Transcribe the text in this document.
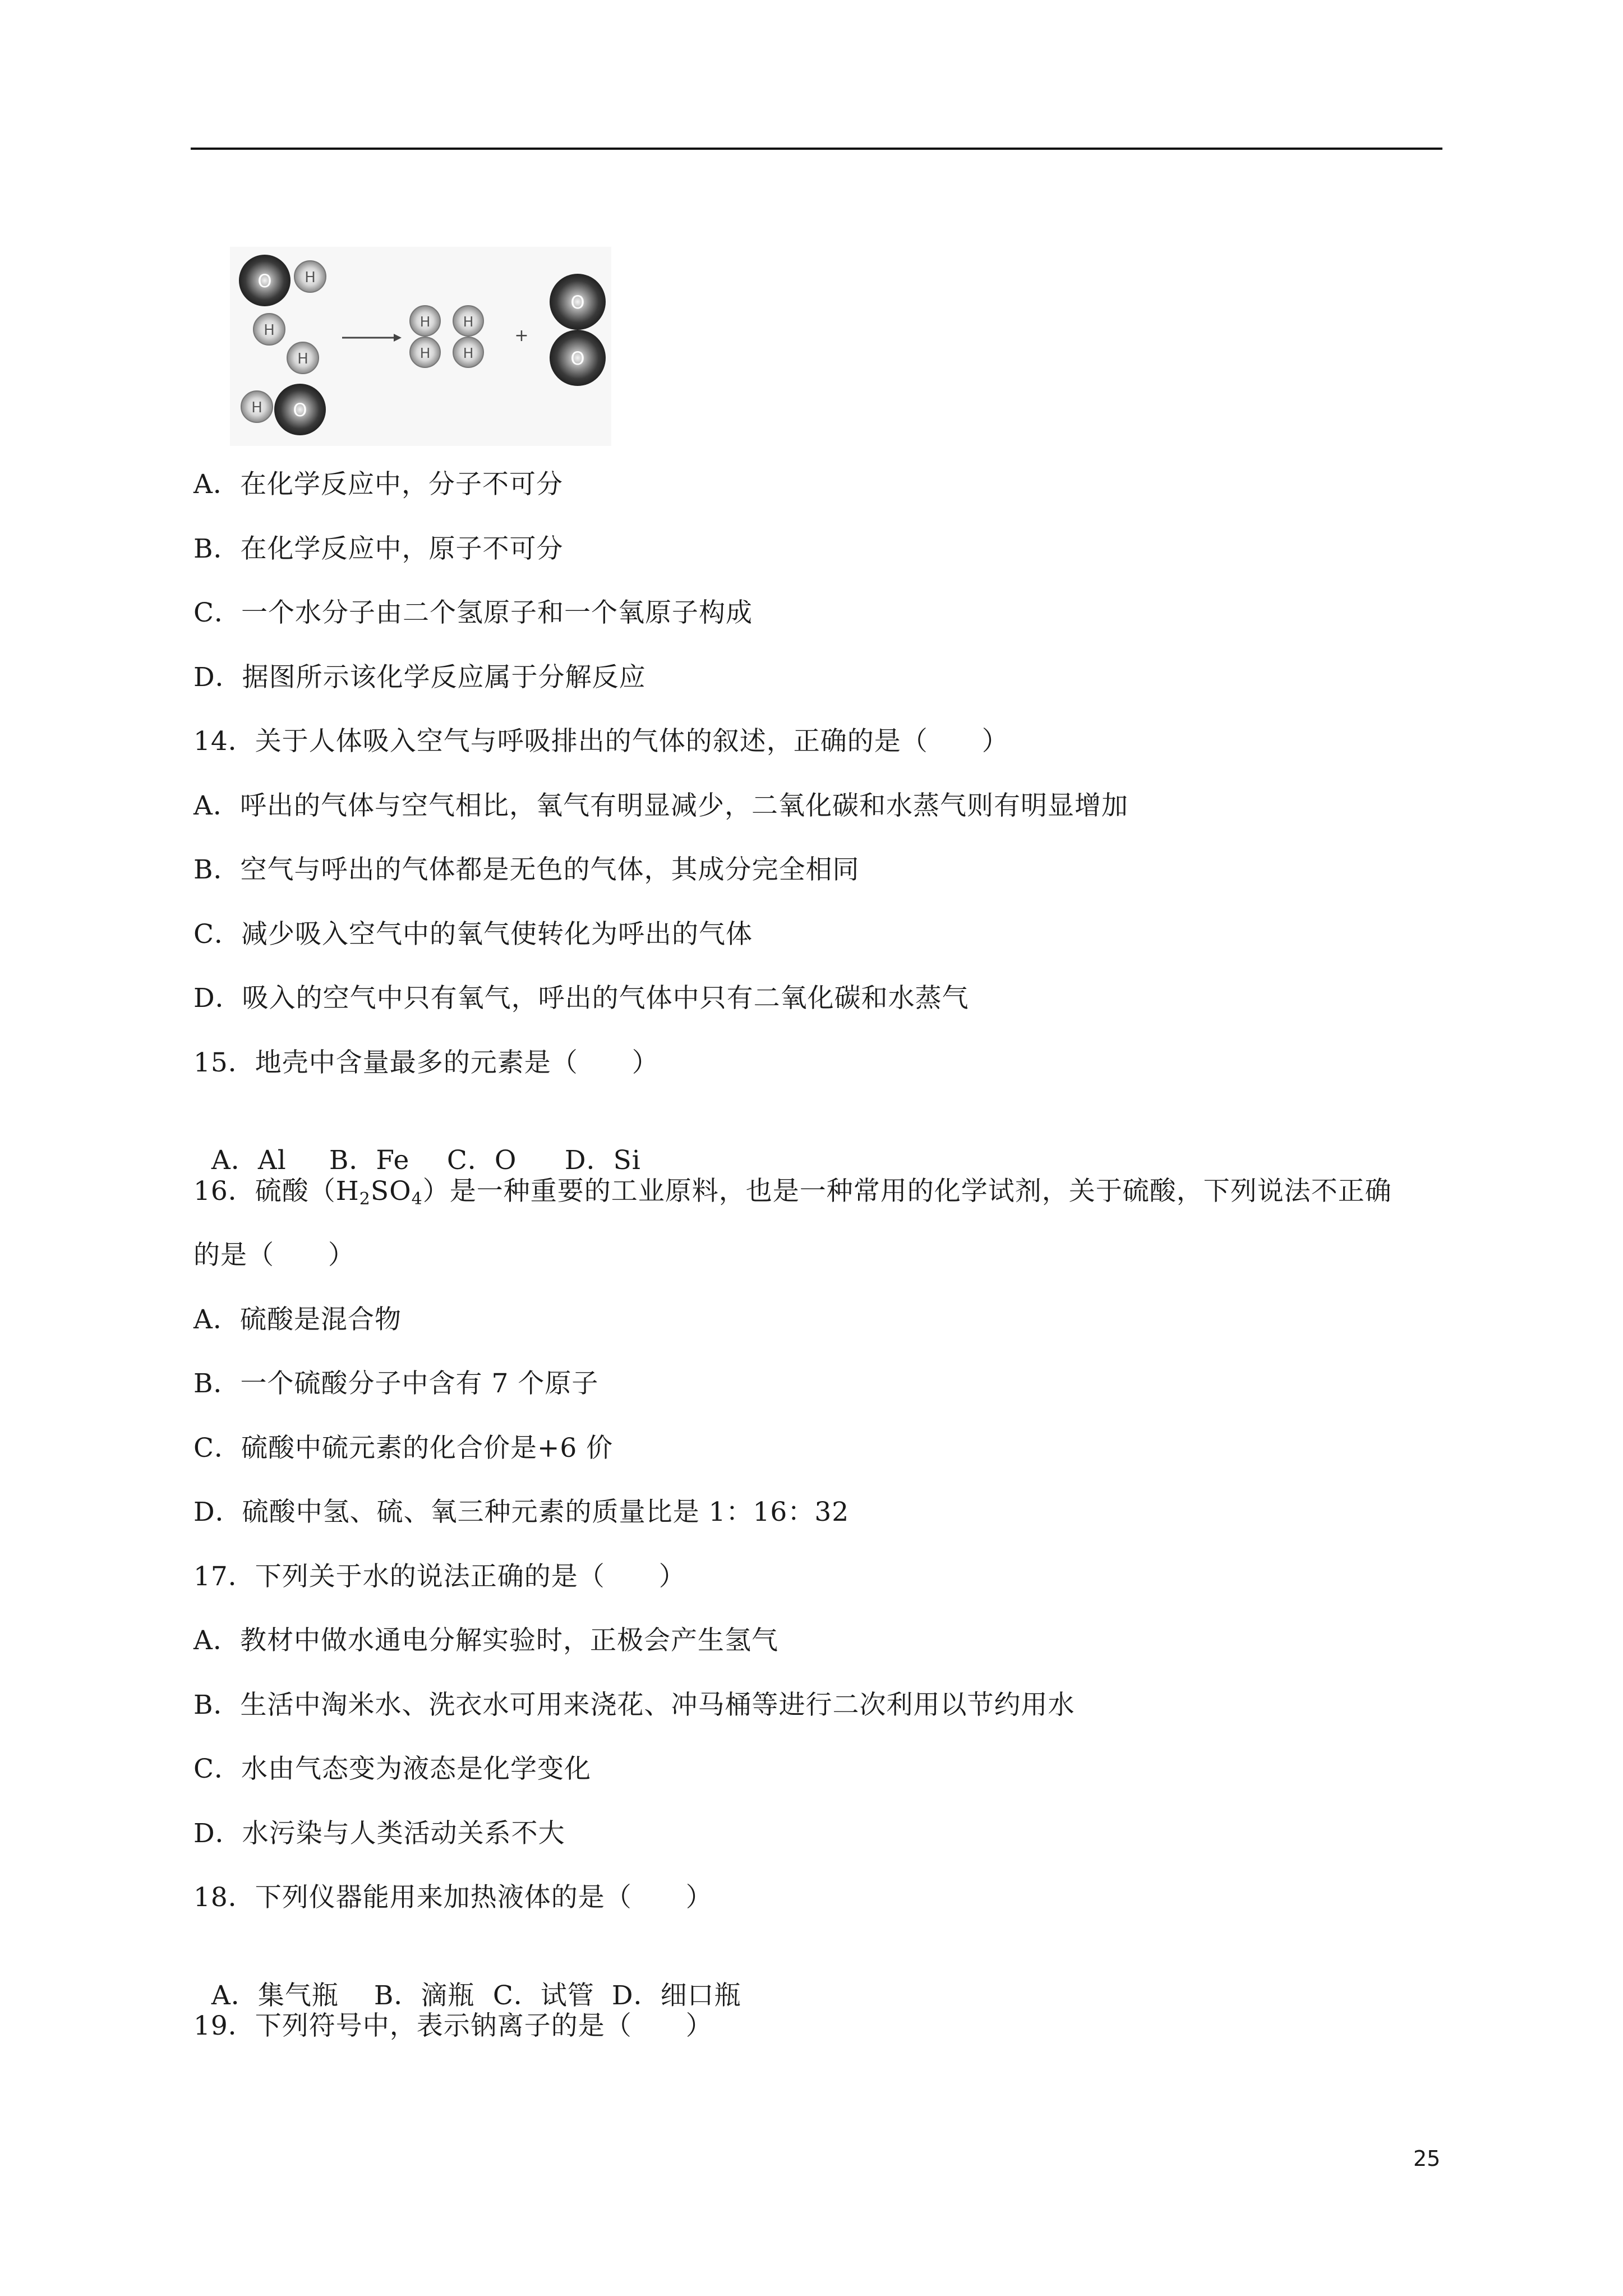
O H
H
H
H O
H
H
H
H
+
O
O
A．在化学反应中，分子不可分
B．在化学反应中，原子不可分
C．一个水分子由二个氢原子和一个氧原子构成
D．据图所示该化学反应属于分解反应
14．关于人体吸入空气与呼吸排出的气体的叙述，正确的是（　　）
A．呼出的气体与空气相比，氧气有明显减少，二氧化碳和水蒸气则有明显增加
B．空气与呼出的气体都是无色的气体，其成分完全相同
C．减少吸入空气中的氧气使转化为呼出的气体
D．吸入的空气中只有氧气，呼出的气体中只有二氧化碳和水蒸气
15．地壳中含量最多的元素是（　　）

A．Al B．Fe C．O D．Si

16．硫酸$(H_2SO_4)$是一种重要的工业原料，也是一种常用的化学试剂，关于硫酸，下列说法不正确
的是（　　）
A．硫酸是混合物
B．一个硫酸分子中含有 7 个原子
C．硫酸中硫元素的化合价是+6 价
D．硫酸中氢、硫、氧三种元素的质量比是 1：16：32
17．下列关于水的说法正确的是（　　）
A．教材中做水通电分解实验时，正极会产生氢气
B．生活中淘米水、洗衣水可用来浇花、冲马桶等进行二次利用以节约用水
C．水由气态变为液态是化学变化
D．水污染与人类活动关系不大
18．下列仪器能用来加热液体的是（　　）

A．集气瓶 B．滴瓶 C．试管 D．细口瓶

19．下列符号中，表示钠离子的是（　　）
25
